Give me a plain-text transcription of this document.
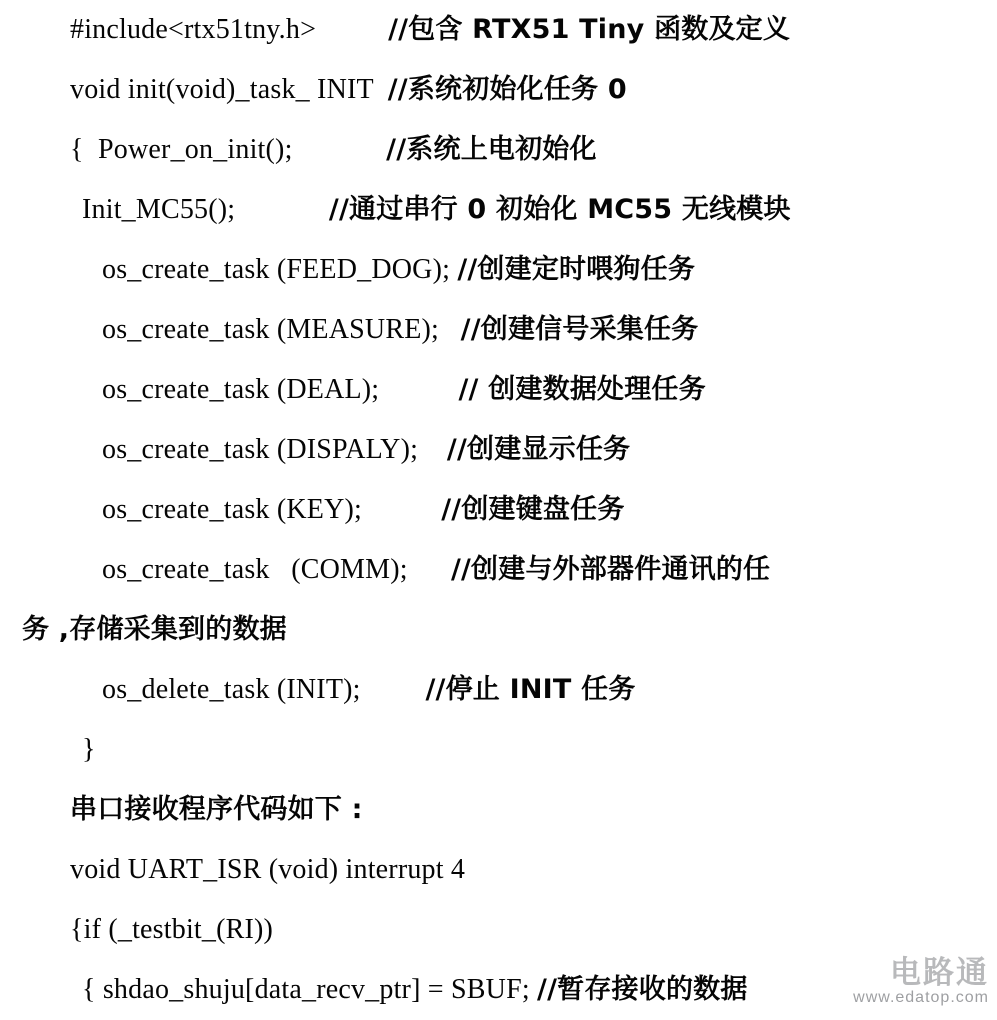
#include<rtx51tny.h>	//包含 RTX51 Tiny 函数及定义
void init(void)_task_ INIT //系统初始化任务 0
{  Power_on_init();	//系统上电初始化
Init_MC55();	//通过串行 0 初始化 MC55 无线模块
os_create_task (FEED_DOG); //创建定时喂狗任务
os_create_task (MEASURE); //创建信号采集任务
os_create_task (DEAL);	// 创建数据处理任务
os_create_task (DISPALY); //创建显示任务
os_create_task (KEY);	//创建键盘任务
os_create_task   (COMM); //创建与外部器件通讯的任
务 ,存储采集到的数据
os_delete_task (INIT); //停止 INIT 任务
}
串口接收程序代码如下 :
void UART_ISR (void) interrupt 4
{if (_testbit_(RI))
{ shdao_shuju[data_recv_ptr] = SBUF; //暂存接收的数据	电路通
www.edatop.com
